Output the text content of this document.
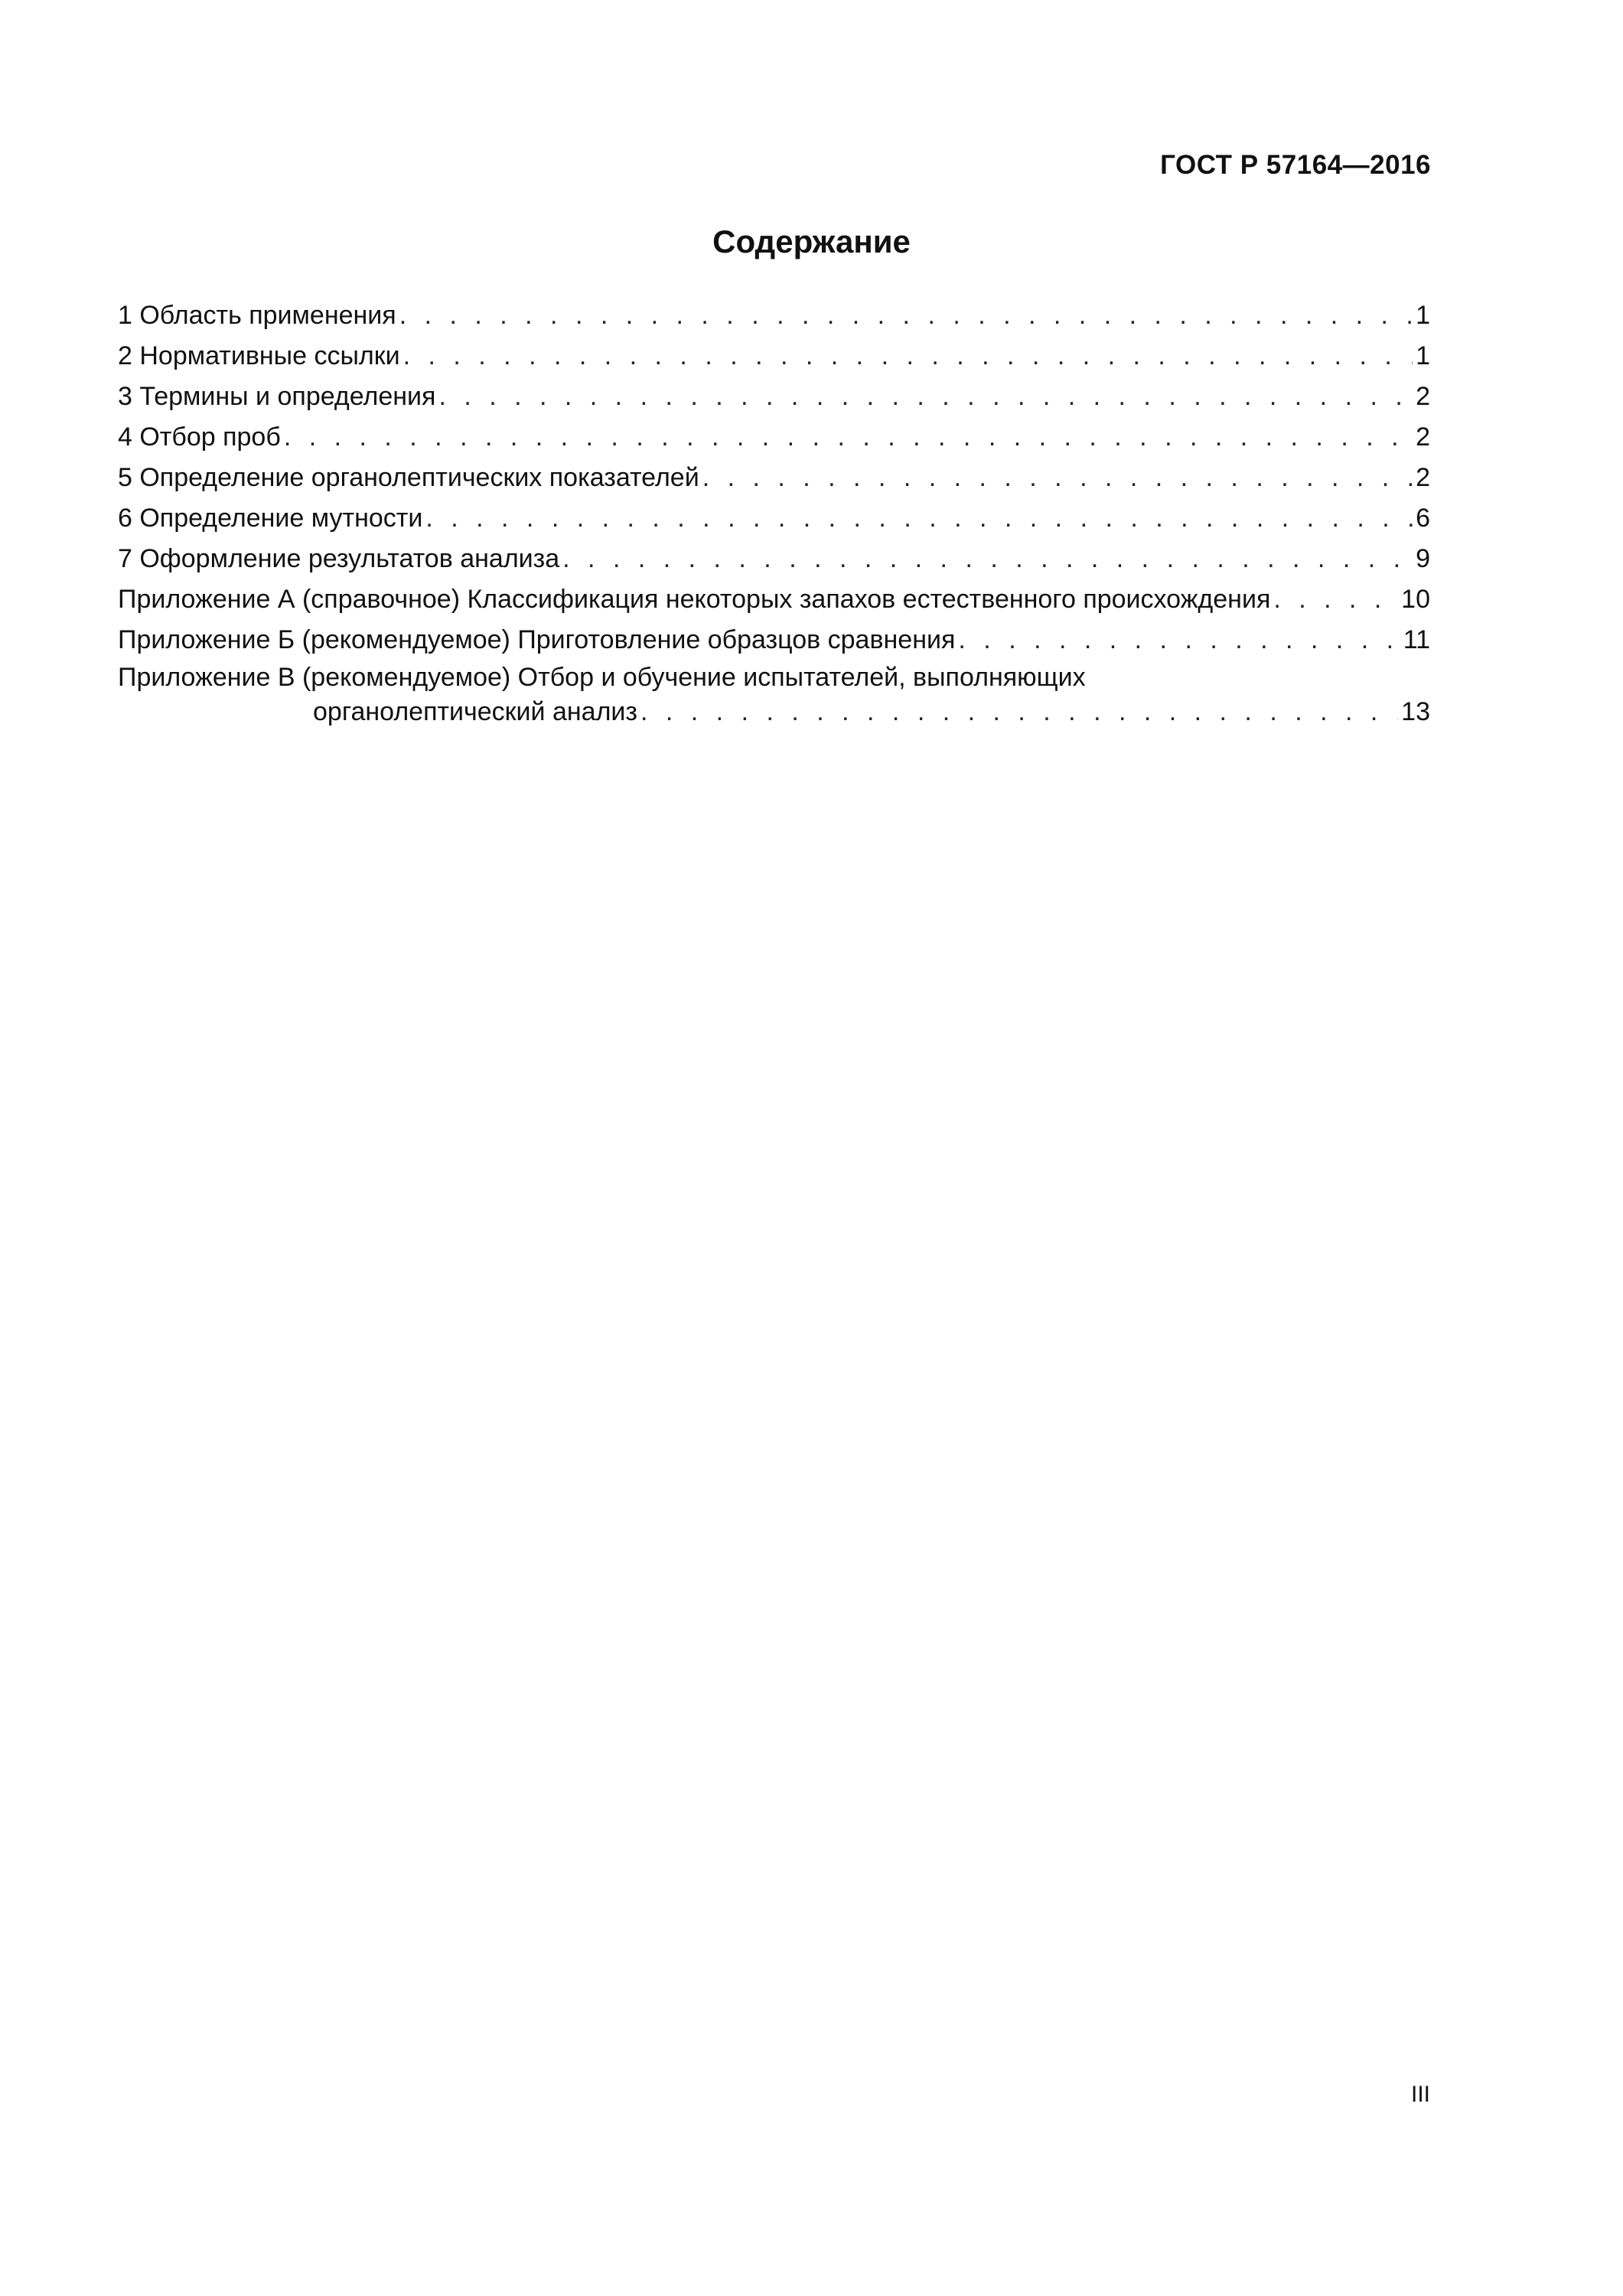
ГОСТ Р 57164—2016
Содержание
1 Область применения . . .	1
2 Нормативные ссылки . . .	1
3 Термины и определения . . .	2
4 Отбор проб . . .	2
5 Определение органолептических показателей . . .	2
6 Определение мутности . . .	6
7 Оформление результатов анализа . . .	9
Приложение А (справочное) Классификация некоторых запахов естественного происхождения . . .	10
Приложение Б (рекомендуемое) Приготовление образцов сравнения . . .	11
Приложение В (рекомендуемое) Отбор и обучение испытателей, выполняющих
органолептический анализ . . .	13
III
